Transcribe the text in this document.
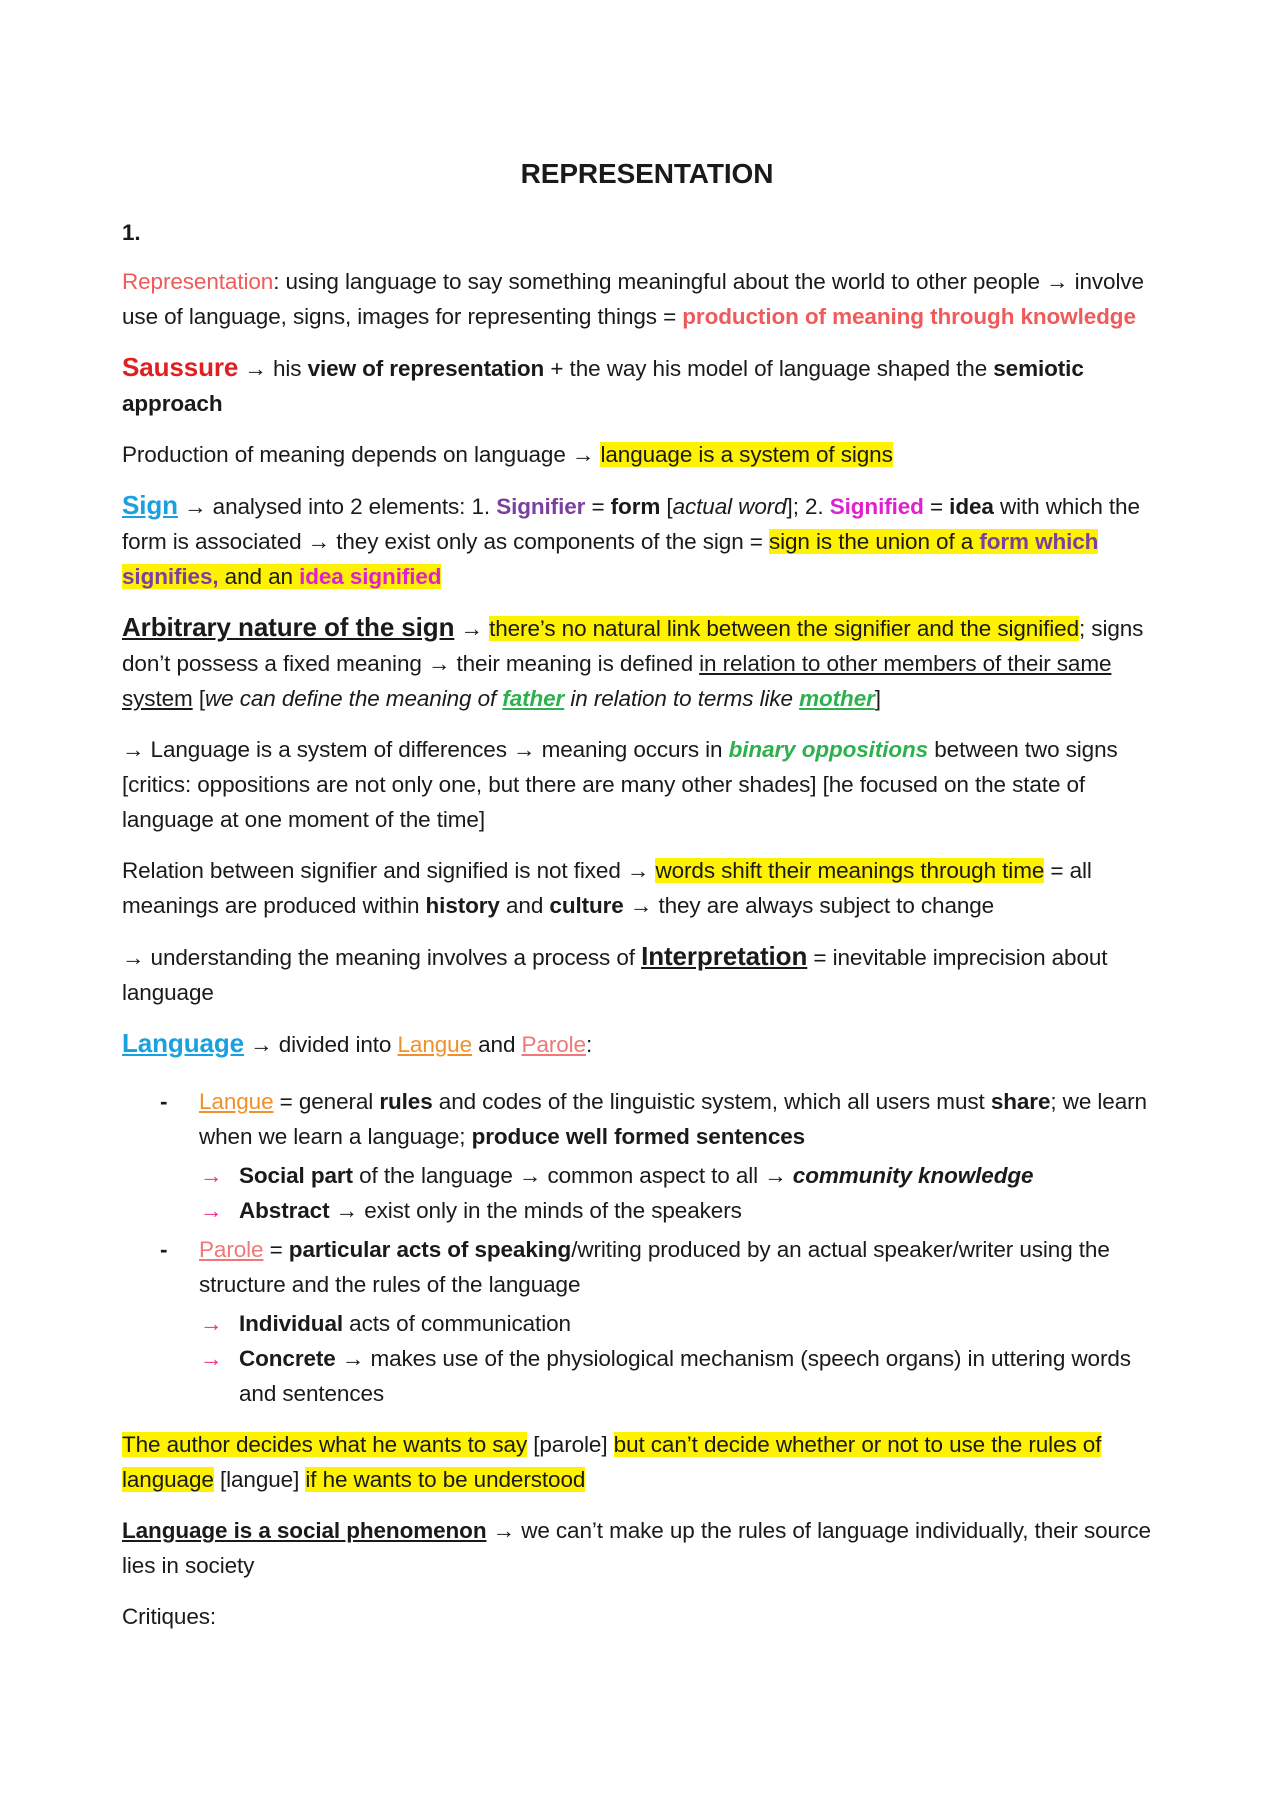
REPRESENTATION
1.

Representation: using language to say something meaningful about the world to other people → involve use of language, signs, images for representing things = production of meaning through knowledge

Saussure → his view of representation + the way his model of language shaped the semiotic approach

Production of meaning depends on language → language is a system of signs

Sign → analysed into 2 elements: 1. Signifier = form [actual word]; 2. Signified = idea with which the form is associated → they exist only as components of the sign = sign is the union of a form which signifies, and an idea signified

Arbitrary nature of the sign → there’s no natural link between the signifier and the signified; signs don’t possess a fixed meaning → their meaning is defined in relation to other members of their same system [we can define the meaning of father in relation to terms like mother]

→ Language is a system of differences → meaning occurs in binary oppositions between two signs [critics: oppositions are not only one, but there are many other shades] [he focused on the state of language at one moment of the time]

Relation between signifier and signified is not fixed → words shift their meanings through time = all meanings are produced within history and culture → they are always subject to change

→ understanding the meaning involves a process of Interpretation = inevitable imprecision about language

Language → divided into Langue and Parole:

- Langue = general rules and codes of the linguistic system, which all users must share; we learn when we learn a language; produce well formed sentences
→ Social part of the language → common aspect to all → community knowledge
→ Abstract → exist only in the minds of the speakers
- Parole = particular acts of speaking/writing produced by an actual speaker/writer using the structure and the rules of the language
→ Individual acts of communication
→ Concrete → makes use of the physiological mechanism (speech organs) in uttering words and sentences

The author decides what he wants to say [parole] but can’t decide whether or not to use the rules of language [langue] if he wants to be understood

Language is a social phenomenon → we can’t make up the rules of language individually, their source lies in society

Critiques:
